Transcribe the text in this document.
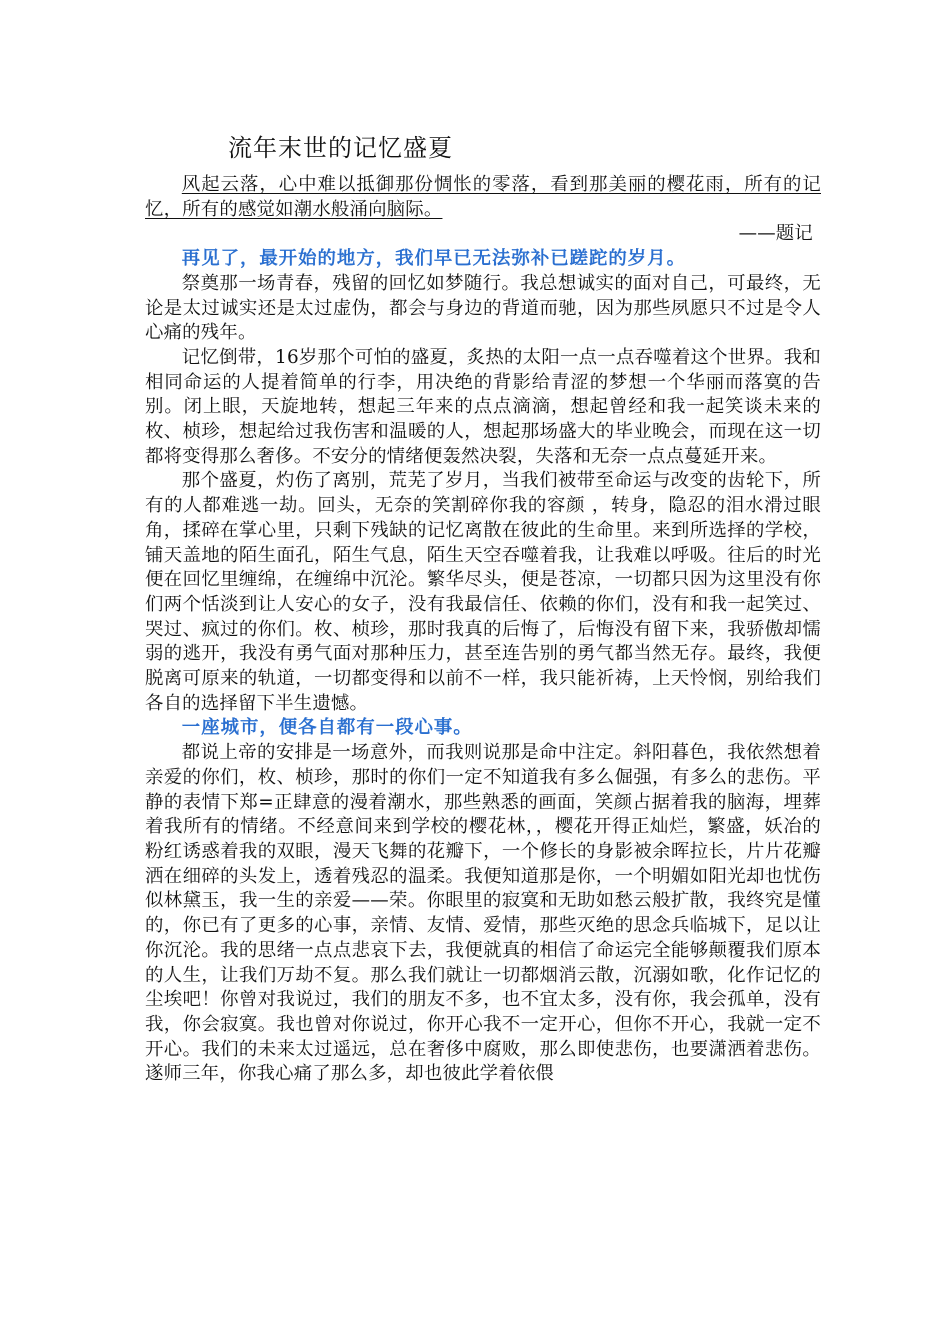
流年末世的记忆盛夏

风起云落，心中难以抵御那份惆怅的零落，看到那美丽的樱花雨，所有的记忆，所有的感觉如潮水般涌向脑际。

——题记

再见了，最开始的地方，我们早已无法弥补已蹉跎的岁月。

祭奠那一场青春，残留的回忆如梦随行。我总想诚实的面对自己，可最终，无论是太过诚实还是太过虚伪，都会与身边的背道而驰，因为那些夙愿只不过是令人心痛的残年。

记忆倒带，16岁那个可怕的盛夏，炙热的太阳一点一点吞噬着这个世界。我和相同命运的人提着简单的行李，用决绝的背影给青涩的梦想一个华丽而落寞的告别。闭上眼，天旋地转，想起三年来的点点滴滴，想起曾经和我一起笑谈未来的枚、桢珍，想起给过我伤害和温暖的人，想起那场盛大的毕业晚会，而现在这一切都将变得那么奢侈。不安分的情绪便轰然决裂，失落和无奈一点点蔓延开来。

那个盛夏，灼伤了离别，荒芜了岁月，当我们被带至命运与改变的齿轮下，所有的人都难逃一劫。回头，无奈的笑割碎你我的容颜 ，转身，隐忍的泪水滑过眼角，揉碎在掌心里，只剩下残缺的记忆离散在彼此的生命里。来到所选择的学校，铺天盖地的陌生面孔，陌生气息，陌生天空吞噬着我，让我难以呼吸。往后的时光便在回忆里缠绵，在缠绵中沉沦。繁华尽头，便是苍凉，一切都只因为这里没有你们两个恬淡到让人安心的女子，没有我最信任、依赖的你们，没有和我一起笑过、哭过、疯过的你们。枚、桢珍，那时我真的后悔了，后悔没有留下来，我骄傲却懦弱的逃开，我没有勇气面对那种压力，甚至连告别的勇气都当然无存。最终，我便脱离可原来的轨道，一切都变得和以前不一样，我只能祈祷，上天怜悯，别给我们各自的选择留下半生遗憾。

一座城市，便各自都有一段心事。

都说上帝的安排是一场意外，而我则说那是命中注定。斜阳暮色，我依然想着亲爱的你们，枚、桢珍，那时的你们一定不知道我有多么倔强，有多么的悲伤。平静的表情下郑=正肆意的漫着潮水，那些熟悉的画面，笑颜占据着我的脑海，埋葬着我所有的情绪。不经意间来到学校的樱花林，，樱花开得正灿烂，繁盛，妖冶的粉红诱惑着我的双眼，漫天飞舞的花瓣下，一个修长的身影被余晖拉长，片片花瓣洒在细碎的头发上，透着残忍的温柔。我便知道那是你，一个明媚如阳光却也忧伤似林黛玉，我一生的亲爱——荣。你眼里的寂寞和无助如愁云般扩散，我终究是懂的，你已有了更多的心事，亲情、友情、爱情，那些灭绝的思念兵临城下，足以让你沉沦。我的思绪一点点悲哀下去，我便就真的相信了命运完全能够颠覆我们原本的人生，让我们万劫不复。那么我们就让一切都烟消云散，沉溺如歌，化作记忆的尘埃吧！你曾对我说过，我们的朋友不多，也不宜太多，没有你，我会孤单，没有我，你会寂寞。我也曾对你说过，你开心我不一定开心，但你不开心，我就一定不开心。我们的未来太过遥远，总在奢侈中腐败，那么即使悲伤，也要潇洒着悲伤。遂师三年，你我心痛了那么多，却也彼此学着依偎
